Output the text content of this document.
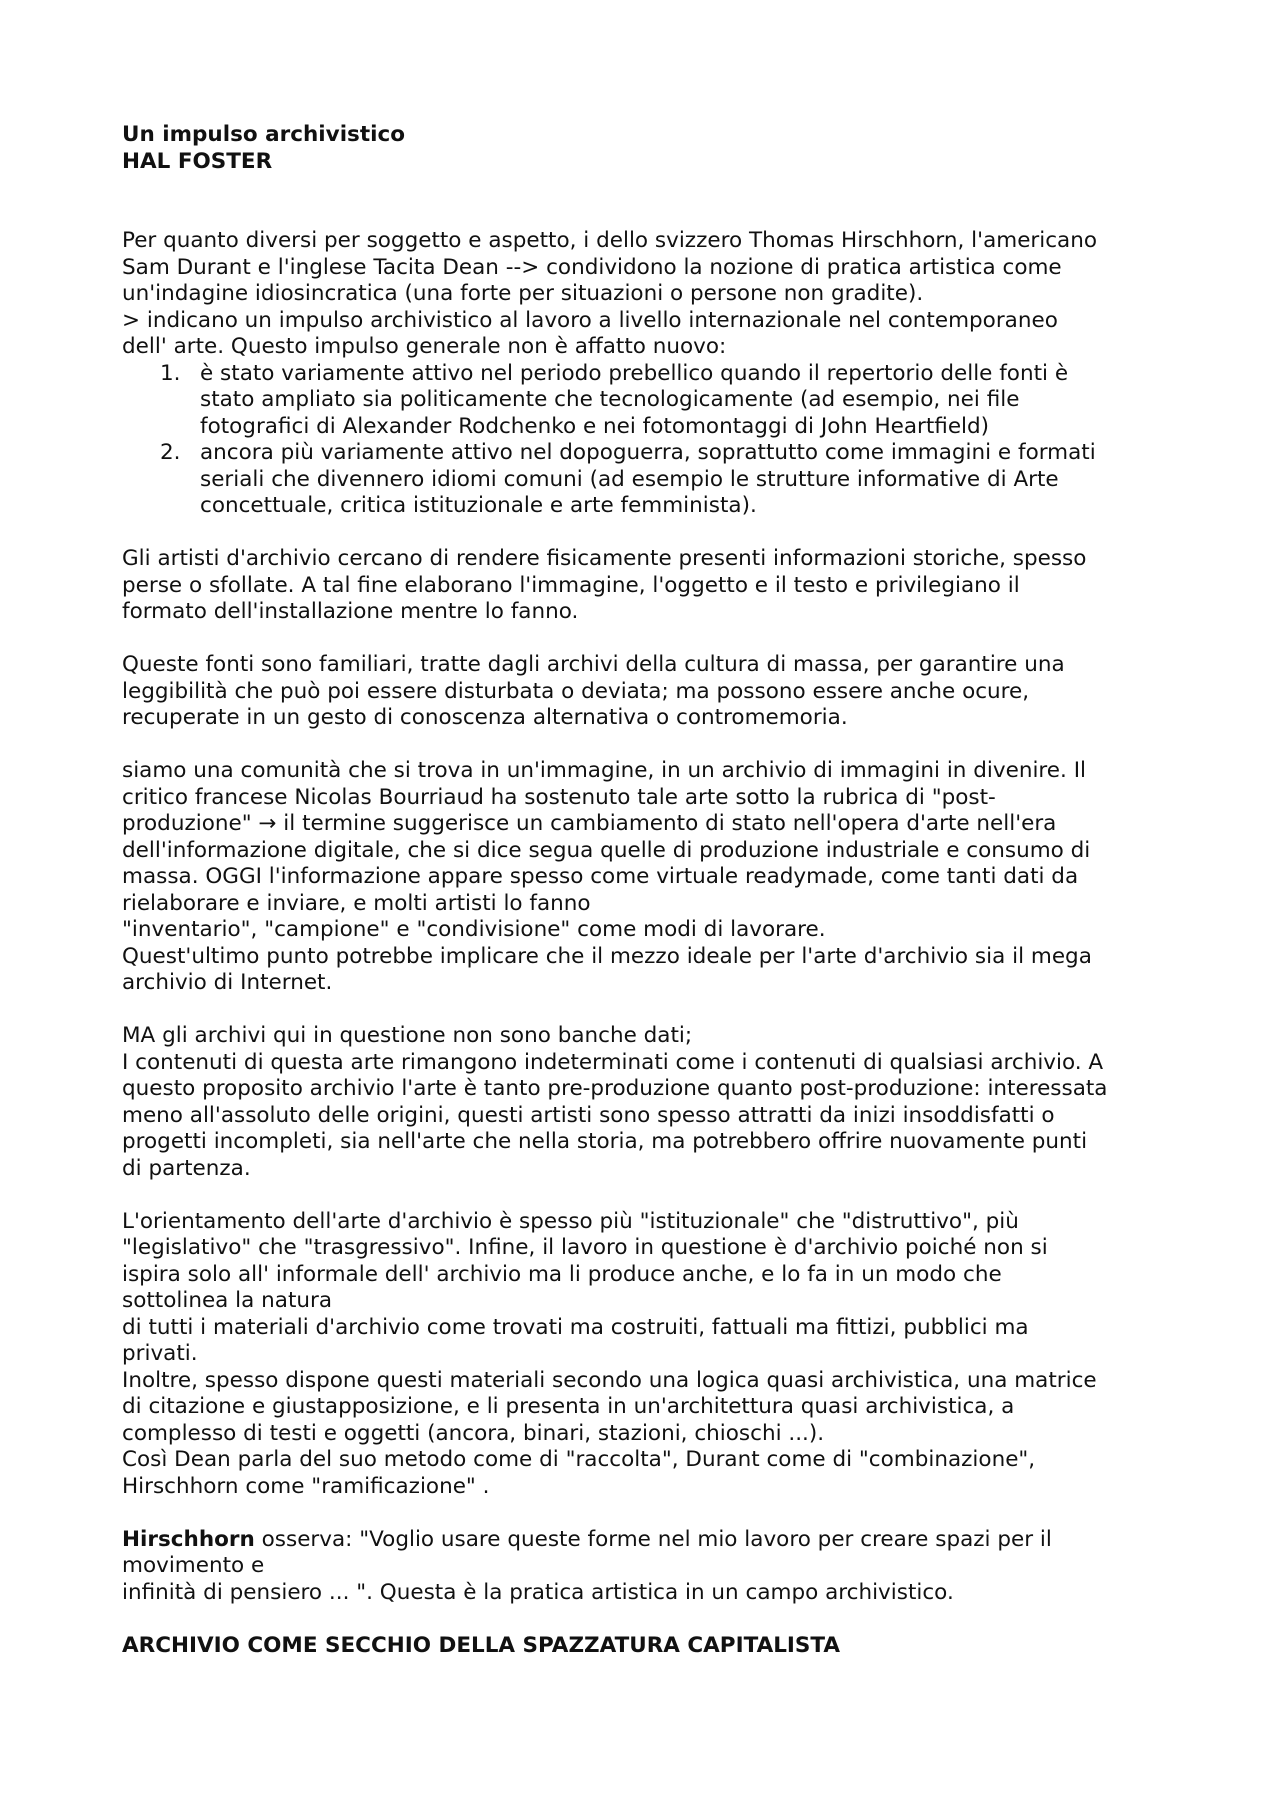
Un impulso archivistico
HAL FOSTER

Per quanto diversi per soggetto e aspetto, i dello svizzero Thomas Hirschhorn, l'americano
Sam Durant e l'inglese Tacita Dean --> condividono la nozione di pratica artistica come
un'indagine idiosincratica (una forte per situazioni o persone non gradite).
> indicano un impulso archivistico al lavoro a livello internazionale nel contemporaneo
dell' arte. Questo impulso generale non è affatto nuovo:

1. è stato variamente attivo nel periodo prebellico quando il repertorio delle fonti è
stato ampliato sia politicamente che tecnologicamente (ad esempio, nei file
fotografici di Alexander Rodchenko e nei fotomontaggi di John Heartfield)
2. ancora più variamente attivo nel dopoguerra, soprattutto come immagini e formati
seriali che divennero idiomi comuni (ad esempio le strutture informative di Arte
concettuale, critica istituzionale e arte femminista).

Gli artisti d'archivio cercano di rendere fisicamente presenti informazioni storiche, spesso
perse o sfollate. A tal fine elaborano l'immagine, l'oggetto e il testo e privilegiano il
formato dell'installazione mentre lo fanno.

Queste fonti sono familiari, tratte dagli archivi della cultura di massa, per garantire una
leggibilità che può poi essere disturbata o deviata; ma possono essere anche ocure,
recuperate in un gesto di conoscenza alternativa o contromemoria.

siamo una comunità che si trova in un'immagine, in un archivio di immagini in divenire. Il
critico francese Nicolas Bourriaud ha sostenuto tale arte sotto la rubrica di "post-
produzione" → il termine suggerisce un cambiamento di stato nell'opera d'arte nell'era
dell'informazione digitale, che si dice segua quelle di produzione industriale e consumo di
massa. OGGI l'informazione appare spesso come virtuale readymade, come tanti dati da
rielaborare e inviare, e molti artisti lo fanno
"inventario", "campione" e "condivisione" come modi di lavorare.
Quest'ultimo punto potrebbe implicare che il mezzo ideale per l'arte d'archivio sia il mega
archivio di Internet.

MA gli archivi qui in questione non sono banche dati;
I contenuti di questa arte rimangono indeterminati come i contenuti di qualsiasi archivio. A
questo proposito archivio l'arte è tanto pre-produzione quanto post-produzione: interessata
meno all'assoluto delle origini, questi artisti sono spesso attratti da inizi insoddisfatti o
progetti incompleti, sia nell'arte che nella storia, ma potrebbero offrire nuovamente punti
di partenza.

L'orientamento dell'arte d'archivio è spesso più "istituzionale" che "distruttivo", più
"legislativo" che "trasgressivo". Infine, il lavoro in questione è d'archivio poiché non si
ispira solo all' informale dell' archivio ma li produce anche, e lo fa in un modo che
sottolinea la natura
di tutti i materiali d'archivio come trovati ma costruiti, fattuali ma fittizi, pubblici ma
privati.
Inoltre, spesso dispone questi materiali secondo una logica quasi archivistica, una matrice
di citazione e giustapposizione, e li presenta in un'architettura quasi archivistica, a
complesso di testi e oggetti (ancora, binari, stazioni, chioschi ...).
Così Dean parla del suo metodo come di "raccolta", Durant come di "combinazione",
Hirschhorn come "ramificazione" .

Hirschhorn osserva: "Voglio usare queste forme nel mio lavoro per creare spazi per il
movimento e
infinità di pensiero ... ". Questa è la pratica artistica in un campo archivistico.

ARCHIVIO COME SECCHIO DELLA SPAZZATURA CAPITALISTA
